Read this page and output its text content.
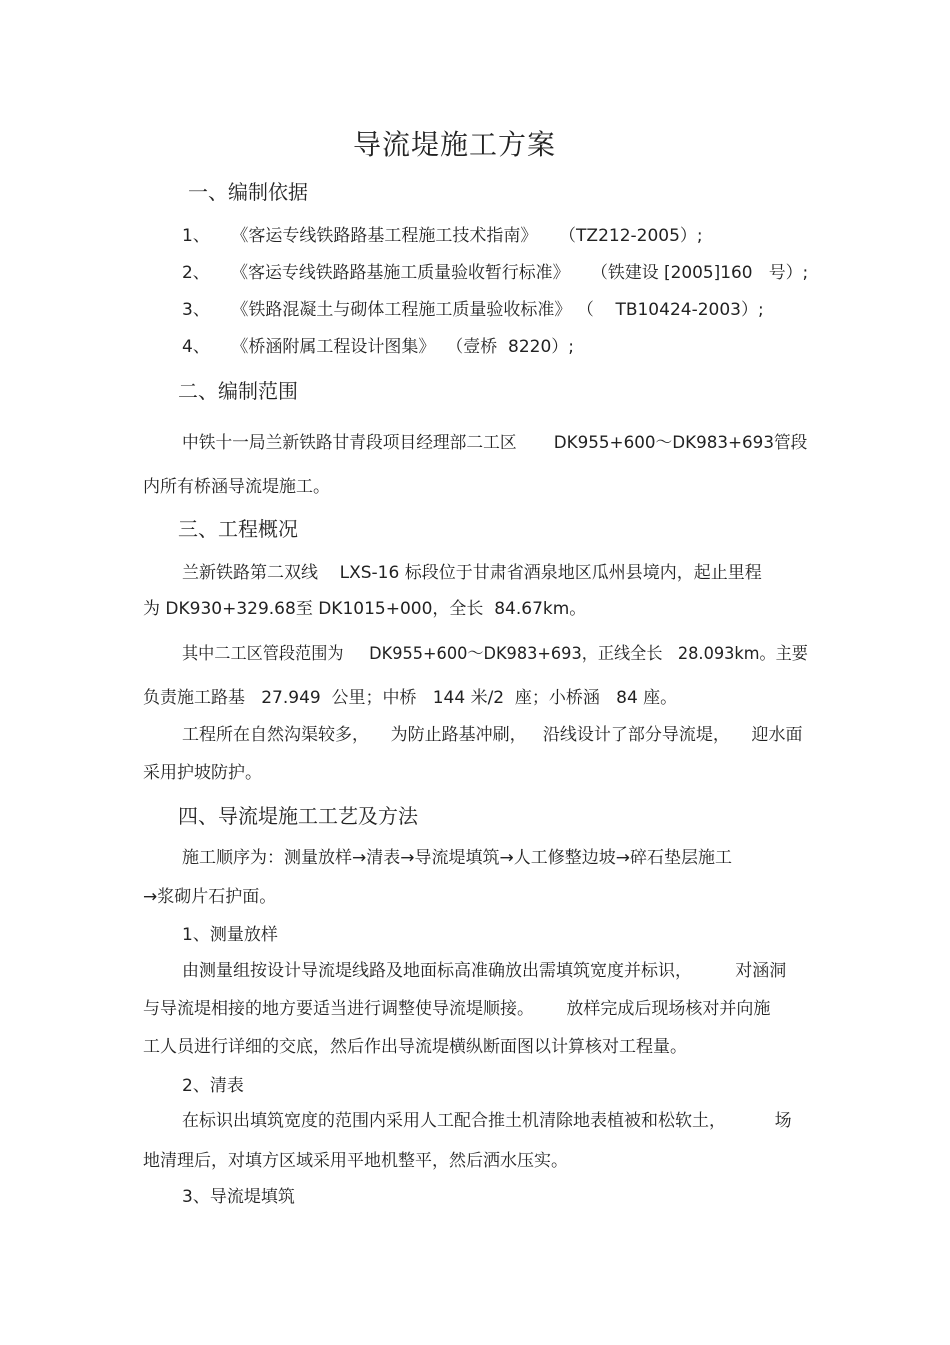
导流堤施工方案
一、编制依据
1、    《客运专线铁路路基工程施工技术指南》    （TZ212-2005）;
2、    《客运专线铁路路基施工质量验收暂行标准》    （铁建设 [2005]160   号）;
3、    《铁路混凝土与砌体工程施工质量验收标准》 （    TB10424-2003）;
4、    《桥涵附属工程设计图集》  （壹桥  8220）;
二、编制范围
中铁十一局兰新铁路甘青段项目经理部二工区       DK955+600～DK983+693管段
内所有桥涵导流堤施工。
三、工程概况
兰新铁路第二双线    LXS-16 标段位于甘肃省酒泉地区瓜州县境内，起止里程
为 DK930+329.68至 DK1015+000，全长  84.67km。
其中二工区管段范围为     DK955+600～DK983+693，正线全长   28.093km。主要
负责施工路基   27.949  公里；中桥   144 米/2  座；小桥涵   84 座。
工程所在自然沟渠较多，    为防止路基冲刷，   沿线设计了部分导流堤，    迎水面
采用护坡防护。
四、导流堤施工工艺及方法
施工顺序为：测量放样→清表→导流堤填筑→人工修整边坡→碎石垫层施工
→浆砌片石护面。
1、测量放样
由测量组按设计导流堤线路及地面标高准确放出需填筑宽度并标识，        对涵洞
与导流堤相接的地方要适当进行调整使导流堤顺接。      放样完成后现场核对并向施
工人员进行详细的交底，然后作出导流堤横纵断面图以计算核对工程量。
2、清表
在标识出填筑宽度的范围内采用人工配合推土机清除地表植被和松软土，         场
地清理后，对填方区域采用平地机整平，然后洒水压实。
3、导流堤填筑
